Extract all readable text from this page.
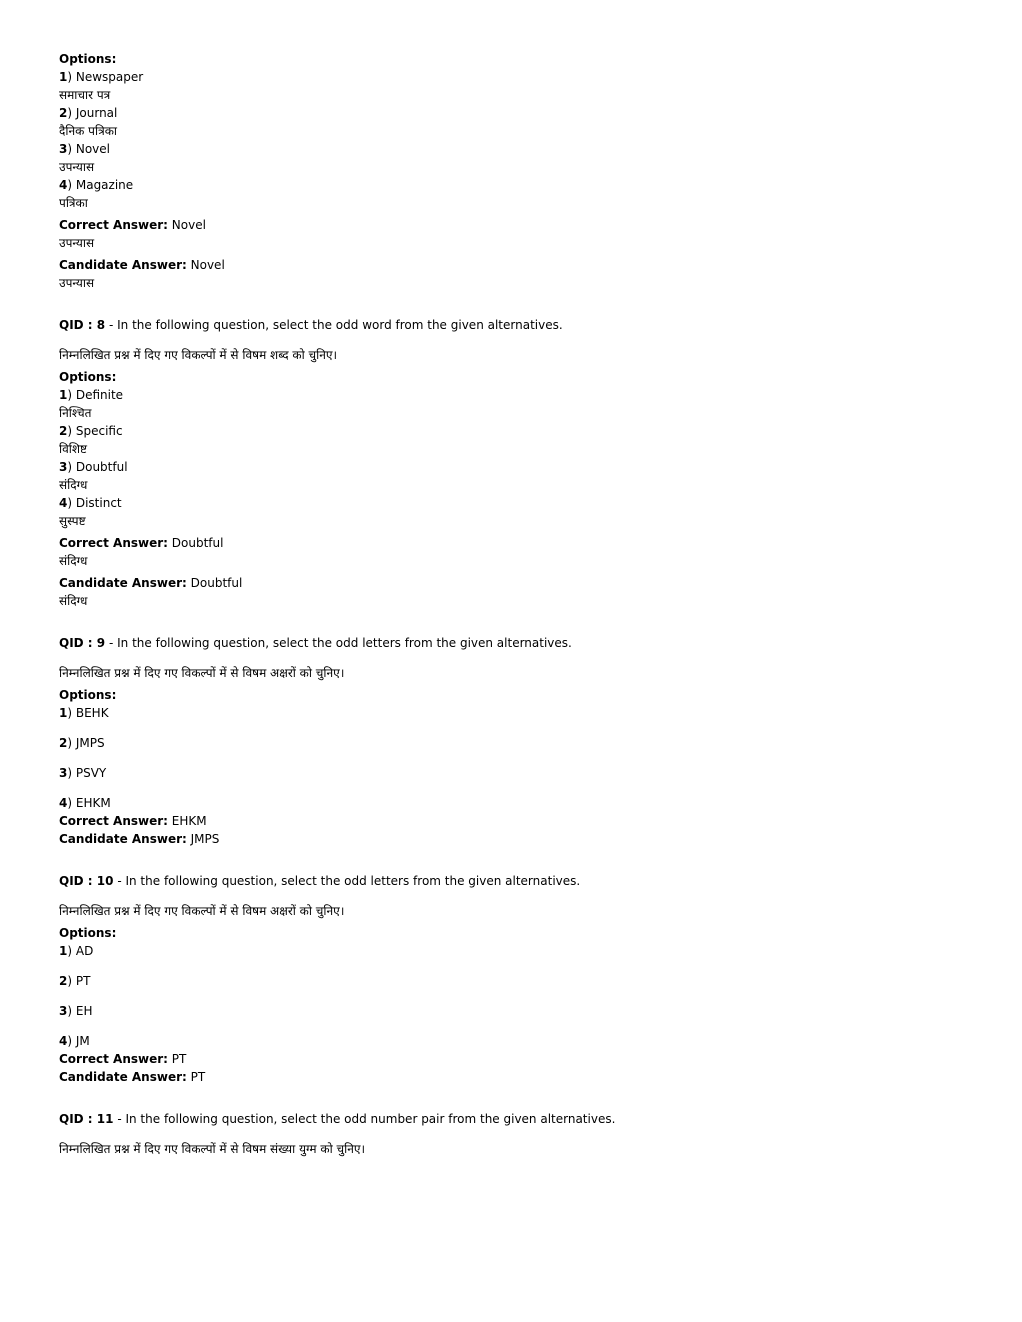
Options:
1) Newspaper
समाचार पत्र
2) Journal
दैनिक पत्रिका
3) Novel
उपन्यास
4) Magazine
पत्रिका
Correct Answer: Novel
उपन्यास
Candidate Answer: Novel
उपन्यास
QID : 8 - In the following question, select the odd word from the given alternatives.
निम्नलिखित प्रश्न में दिए गए विकल्पों में से विषम शब्द को चुनिए।
Options:
1) Definite
निश्चित
2) Specific
विशिष्ट
3) Doubtful
संदिग्ध
4) Distinct
सुस्पष्ट
Correct Answer: Doubtful
संदिग्ध
Candidate Answer: Doubtful
संदिग्ध
QID : 9 - In the following question, select the odd letters from the given alternatives.
निम्नलिखित प्रश्न में दिए गए विकल्पों में से विषम अक्षरों को चुनिए।
Options:
1) BEHK
2) JMPS
3) PSVY
4) EHKM
Correct Answer: EHKM
Candidate Answer: JMPS
QID : 10 - In the following question, select the odd letters from the given alternatives.
निम्नलिखित प्रश्न में दिए गए विकल्पों में से विषम अक्षरों को चुनिए।
Options:
1) AD
2) PT
3) EH
4) JM
Correct Answer: PT
Candidate Answer: PT
QID : 11 - In the following question, select the odd number pair from the given alternatives.
निम्नलिखित प्रश्न में दिए गए विकल्पों में से विषम संख्या युग्म को चुनिए।
